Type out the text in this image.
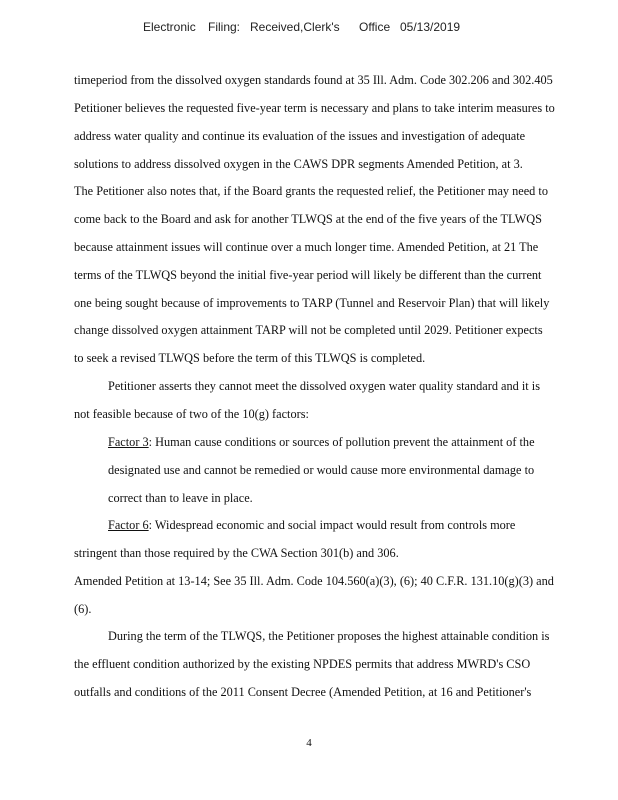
Electronic Filing: Received,Clerk's Office 05/13/2019
timeperiod from the dissolved oxygen standards found at 35 Ill. Adm. Code 302.206 and 302.405
Petitioner believes the requested five-year term is necessary and plans to take interim measures to
address water quality and continue its evaluation of the issues and investigation of adequate
solutions to address dissolved oxygen in the CAWS DPR segments Amended Petition, at 3.
The Petitioner also notes that, if the Board grants the requested relief, the Petitioner may need to
come back to the Board and ask for another TLWQS at the end of the five years of the TLWQS
because attainment issues will continue over a much longer time. Amended Petition, at 21 The
terms of the TLWQS beyond the initial five-year period will likely be different than the current
one being sought because of improvements to TARP (Tunnel and Reservoir Plan) that will likely
change dissolved oxygen attainment TARP will not be completed until 2029. Petitioner expects
to seek a revised TLWQS before the term of this TLWQS is completed.
Petitioner asserts they cannot meet the dissolved oxygen water quality standard and it is
not feasible because of two of the 10(g) factors:
Factor 3: Human cause conditions or sources of pollution prevent the attainment of the
designated use and cannot be remedied or would cause more environmental damage to
correct than to leave in place.
Factor 6: Widespread economic and social impact would result from controls more
stringent than those required by the CWA Section 301(b) and 306.
Amended Petition at 13-14; See 35 Ill. Adm. Code 104.560(a)(3), (6); 40 C.F.R. 131.10(g)(3) and
(6).
During the term of the TLWQS, the Petitioner proposes the highest attainable condition is
the effluent condition authorized by the existing NPDES permits that address MWRD's CSO
outfalls and conditions of the 2011 Consent Decree (Amended Petition, at 16 and Petitioner's
4
